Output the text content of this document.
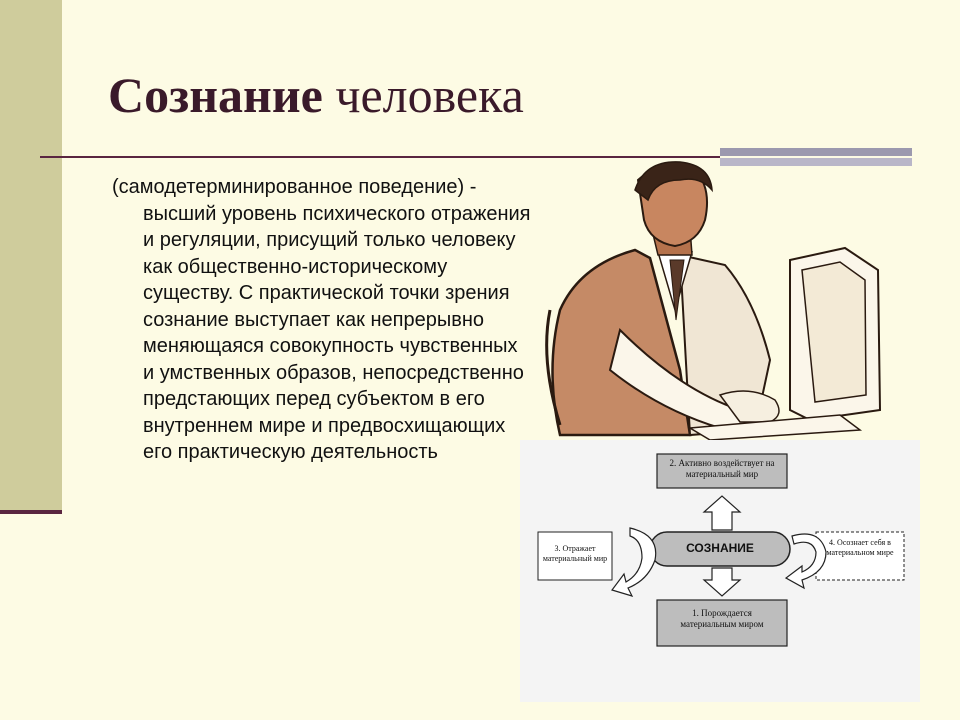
Сознание человека

(самодетерминированное поведение) - высший уровень психического отражения и регуляции, присущий только человеку как общественно-историческому существу. С практической точки зрения сознание выступает как непрерывно меняющаяся совокупность чувственных и умственных образов, непосредственно предстающих перед субъектом в его внутреннем мире и предвосхищающих его практическую деятельность	2. Активно воздействует на материальный мир
СОЗНАНИЕ
1. Порождается материальным миром
3. Отражает материальный мир
4. Осознает себя в материальном мире
